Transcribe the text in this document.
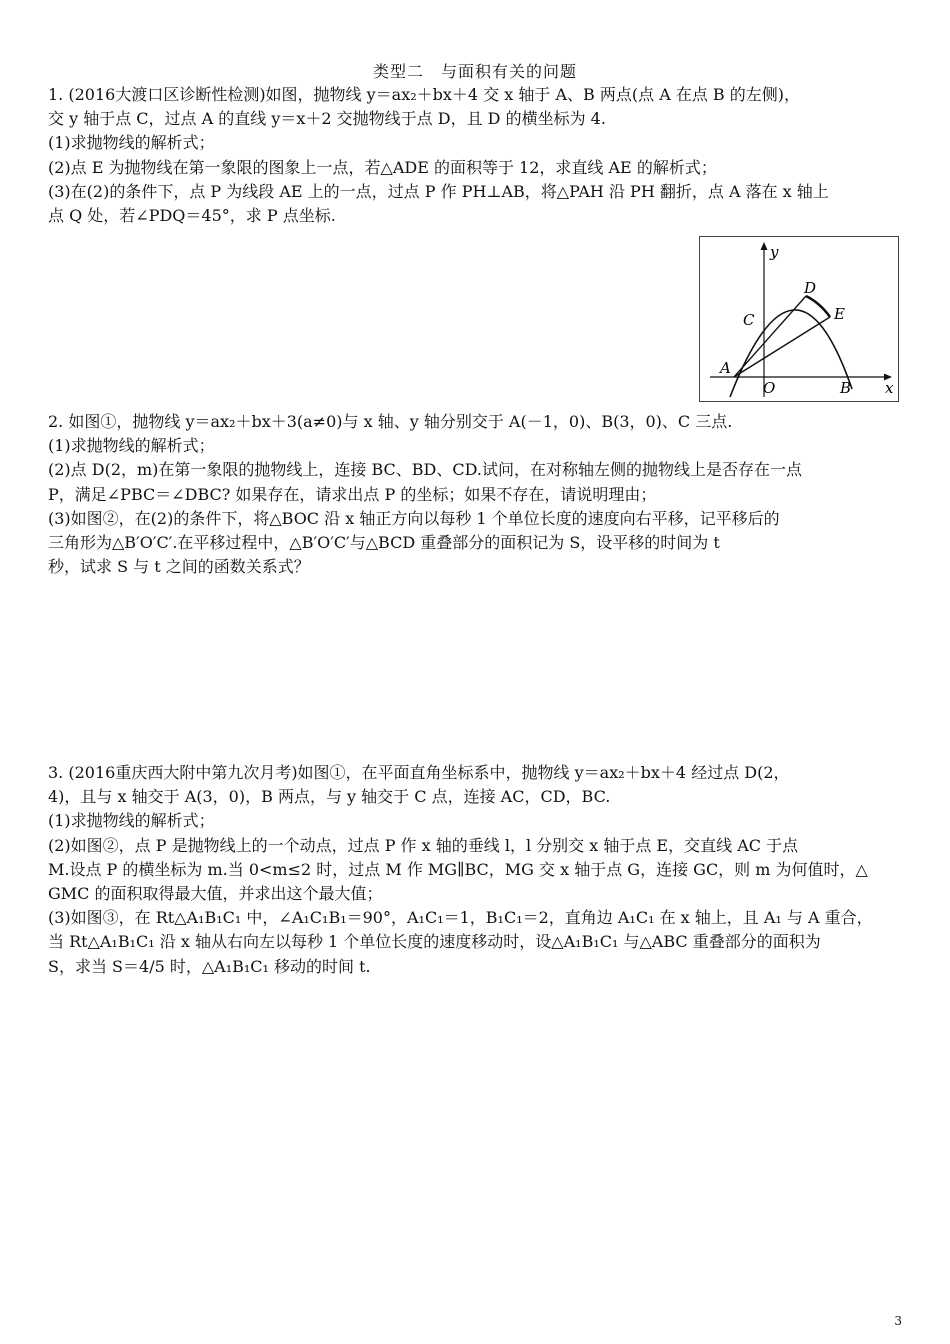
类型二　与面积有关的问题
1. (2016大渡口区诊断性检测)如图，抛物线 y＝ax₂＋bx＋4 交 x 轴于 A、B 两点(点 A 在点 B 的左侧)，
交 y 轴于点 C，过点 A 的直线 y＝x＋2 交抛物线于点 D，且 D 的横坐标为 4.
(1)求抛物线的解析式；
(2)点 E 为抛物线在第一象限的图象上一点，若△ADE 的面积等于 12，求直线 AE 的解析式；
(3)在(2)的条件下，点 P 为线段 AE 上的一点，过点 P 作 PH⊥AB，将△PAH 沿 PH 翻折，点 A 落在 x 轴上
点 Q 处，若∠PDQ＝45°，求 P 点坐标.
y
x
D
C	E
A
O	B
2. 如图①，抛物线 y＝ax₂＋bx＋3(a≠0)与 x 轴、y 轴分别交于 A(－1，0)、B(3，0)、C 三点.
(1)求抛物线的解析式；
(2)点 D(2，m)在第一象限的抛物线上，连接 BC、BD、CD.试问，在对称轴左侧的抛物线上是否存在一点
P，满足∠PBC＝∠DBC? 如果存在，请求出点 P 的坐标；如果不存在，请说明理由；
(3)如图②，在(2)的条件下，将△BOC 沿 x 轴正方向以每秒 1 个单位长度的速度向右平移，记平移后的
三角形为△B′O′C′.在平移过程中，△B′O′C′与△BCD 重叠部分的面积记为 S，设平移的时间为 t
秒，试求 S 与 t 之间的函数关系式？
3. (2016重庆西大附中第九次月考)如图①，在平面直角坐标系中，抛物线 y＝ax₂＋bx＋4 经过点 D(2，
4)，且与 x 轴交于 A(3，0)，B 两点，与 y 轴交于 C 点，连接 AC，CD，BC.
(1)求抛物线的解析式；
(2)如图②，点 P 是抛物线上的一个动点，过点 P 作 x 轴的垂线 l，l 分别交 x 轴于点 E，交直线 AC 于点
M.设点 P 的横坐标为 m.当 0<m≤2 时，过点 M 作 MG∥BC，MG 交 x 轴于点 G，连接 GC，则 m 为何值时，△
GMC 的面积取得最大值，并求出这个最大值；
(3)如图③，在 Rt△A₁B₁C₁ 中，∠A₁C₁B₁＝90°，A₁C₁＝1，B₁C₁＝2，直角边 A₁C₁ 在 x 轴上，且 A₁ 与 A 重合，
当 Rt△A₁B₁C₁ 沿 x 轴从右向左以每秒 1 个单位长度的速度移动时，设△A₁B₁C₁ 与△ABC 重叠部分的面积为
S，求当 S＝4/5 时，△A₁B₁C₁ 移动的时间 t.
3
